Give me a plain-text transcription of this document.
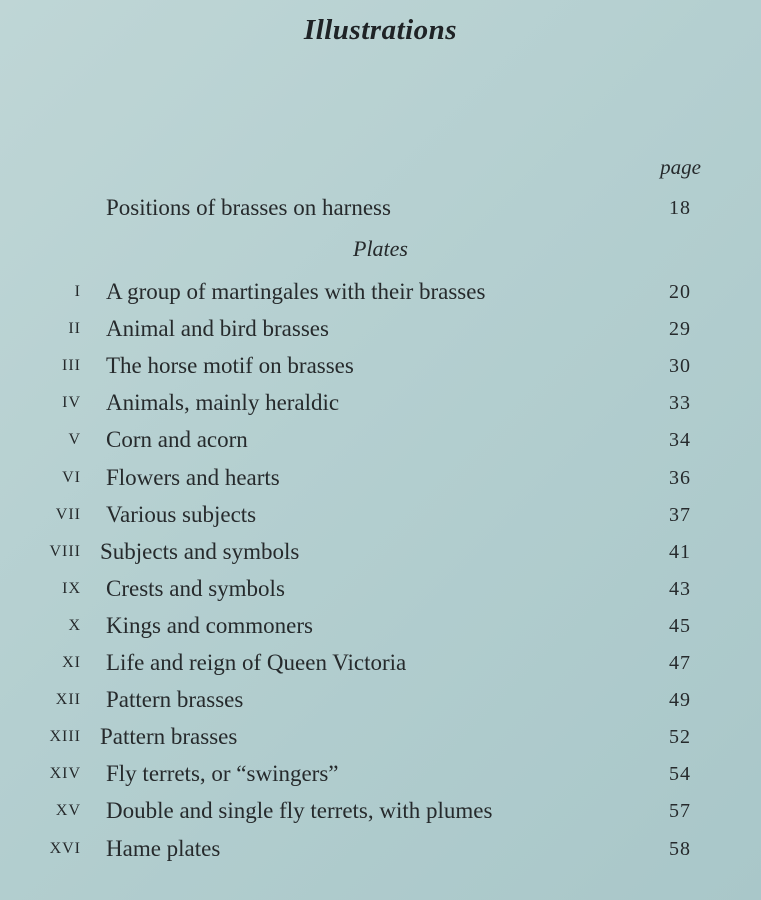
Illustrations
page
Positions of brasses on harness	18
Plates
I A group of martingales with their brasses	20
II Animal and bird brasses	29
III The horse motif on brasses	30
IV Animals, mainly heraldic	33
V Corn and acorn	34
VI Flowers and hearts	36
VII Various subjects	37
VIII Subjects and symbols	41
IX Crests and symbols	43
X Kings and commoners	45
XI Life and reign of Queen Victoria	47
XII Pattern brasses	49
XIII Pattern brasses	52
XIV Fly terrets, or “swingers”	54
XV Double and single fly terrets, with plumes	57
XVI Hame plates	58
